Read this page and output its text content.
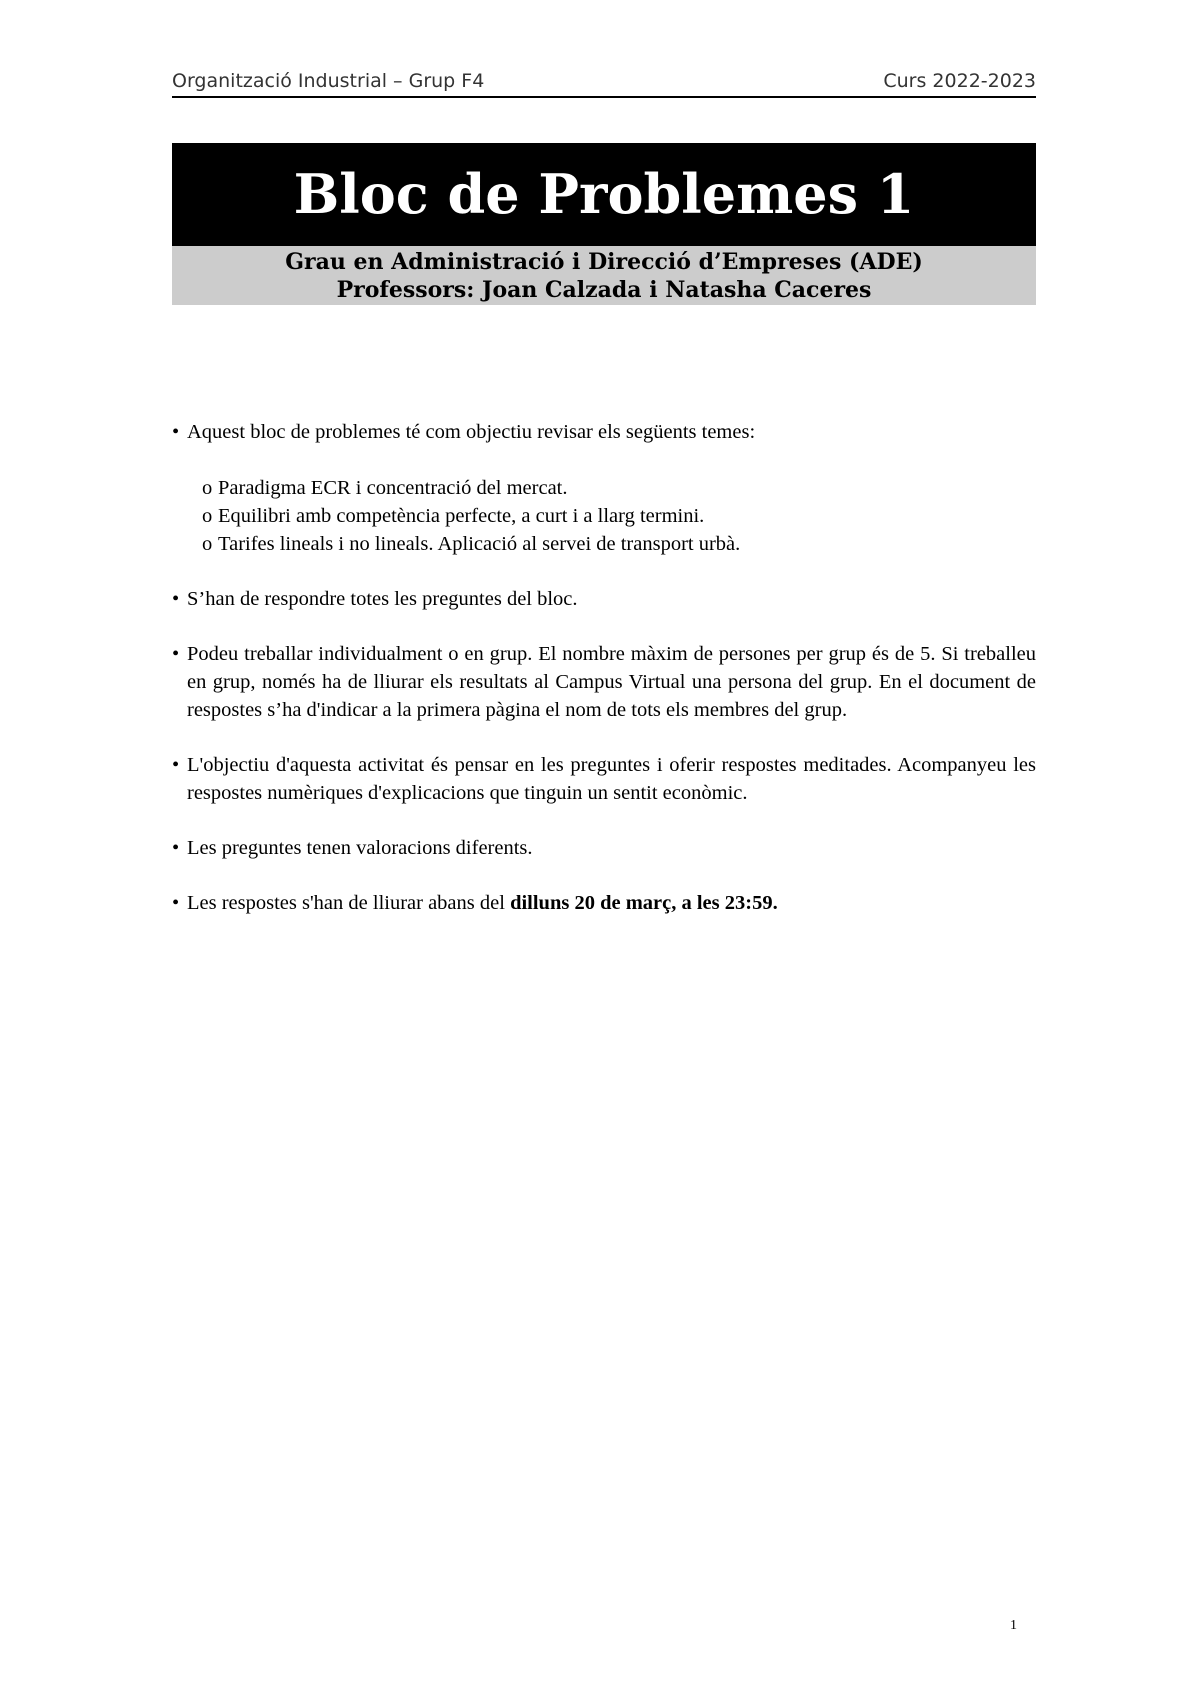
Organització Industrial – Grup F4	Curs 2022-2023
Bloc de Problemes 1
Grau en Administració i Direcció d’Empreses (ADE)
Professors: Joan Calzada i Natasha Caceres
• Aquest bloc de problemes té com objectiu revisar els següents temes:
o Paradigma ECR i concentració del mercat.
o Equilibri amb competència perfecte, a curt i a llarg termini.
o Tarifes lineals i no lineals. Aplicació al servei de transport urbà.
• S’han de respondre totes les preguntes del bloc.
• Podeu treballar individualment o en grup. El nombre màxim de persones per grup és de 5. Si treballeu en grup, només ha de lliurar els resultats al Campus Virtual una persona del grup. En el document de respostes s’ha d'indicar a la primera pàgina el nom de tots els membres del grup.
• L'objectiu d'aquesta activitat és pensar en les preguntes i oferir respostes meditades. Acompanyeu les respostes numèriques d'explicacions que tinguin un sentit econòmic.
• Les preguntes tenen valoracions diferents.
• Les respostes s'han de lliurar abans del dilluns 20 de març, a les 23:59.
1
